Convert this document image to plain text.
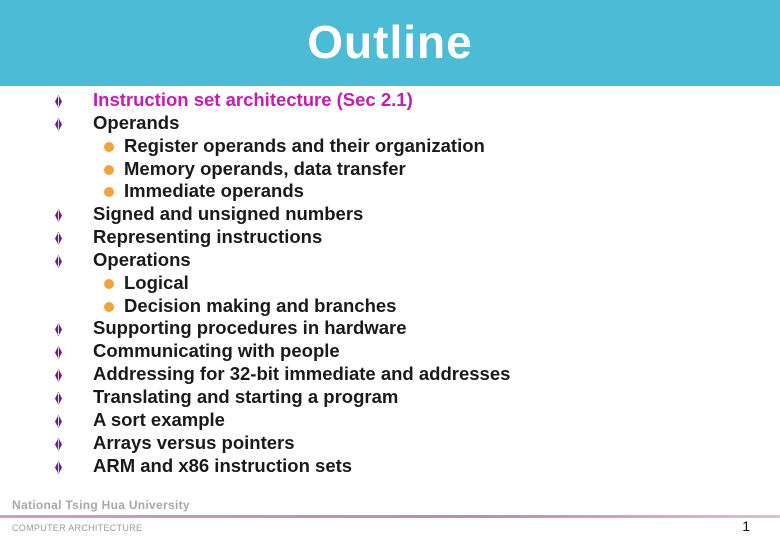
Outline
Instruction set architecture (Sec 2.1)
Operands
Register operands and their organization
Memory operands, data transfer
Immediate operands
Signed and unsigned numbers
Representing instructions
Operations
Logical
Decision making and branches
Supporting procedures in hardware
Communicating with people
Addressing for 32-bit immediate and addresses
Translating and starting a program
A sort example
Arrays versus pointers
ARM and x86 instruction sets
National Tsing Hua University
COMPUTER ARCHITECTURE	1
